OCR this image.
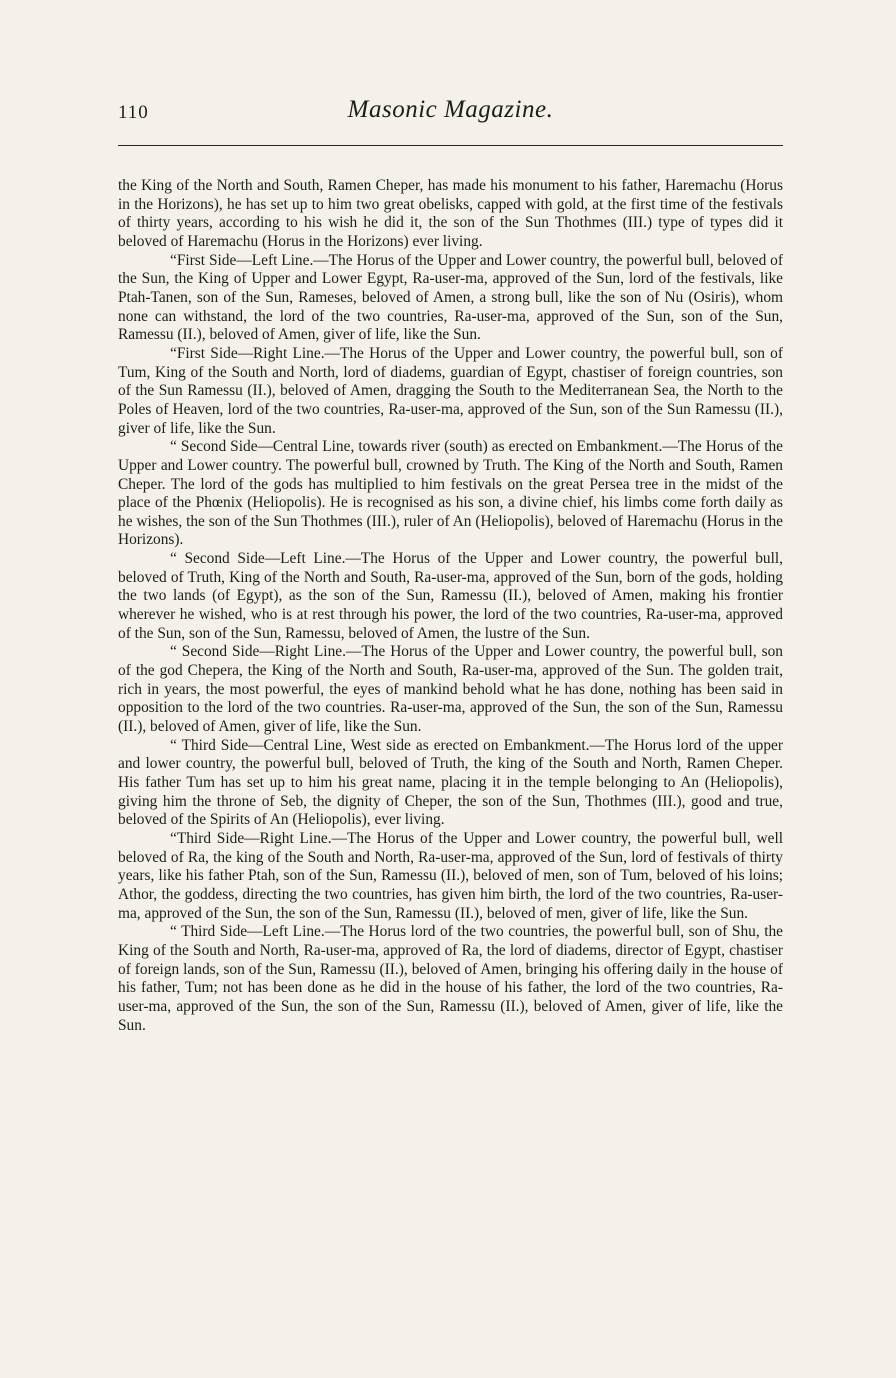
110	Masonic Magazine.

the King of the North and South, Ramen Cheper, has made his monument to his father, Haremachu (Horus in the Horizons), he has set up to him two great obelisks, capped with gold, at the first time of the festivals of thirty years, according to his wish he did it, the son of the Sun Thothmes (III.) type of types did it beloved of Haremachu (Horus in the Horizons) ever living.

“First Side—Left Line.—The Horus of the Upper and Lower country, the powerful bull, beloved of the Sun, the King of Upper and Lower Egypt, Ra-user-ma, approved of the Sun, lord of the festivals, like Ptah-Tanen, son of the Sun, Rameses, beloved of Amen, a strong bull, like the son of Nu (Osiris), whom none can withstand, the lord of the two countries, Ra-user-ma, approved of the Sun, son of the Sun, Ramessu (II.), beloved of Amen, giver of life, like the Sun.

“First Side—Right Line.—The Horus of the Upper and Lower country, the powerful bull, son of Tum, King of the South and North, lord of diadems, guardian of Egypt, chastiser of foreign countries, son of the Sun Ramessu (II.), beloved of Amen, dragging the South to the Mediterranean Sea, the North to the Poles of Heaven, lord of the two countries, Ra-user-ma, approved of the Sun, son of the Sun Ramessu (II.), giver of life, like the Sun.

“ Second Side—Central Line, towards river (south) as erected on Embankment.—The Horus of the Upper and Lower country. The powerful bull, crowned by Truth. The King of the North and South, Ramen Cheper. The lord of the gods has multiplied to him festivals on the great Persea tree in the midst of the place of the Phœnix (Heliopolis). He is recognised as his son, a divine chief, his limbs come forth daily as he wishes, the son of the Sun Thothmes (III.), ruler of An (Heliopolis), beloved of Haremachu (Horus in the Horizons).

“ Second Side—Left Line.—The Horus of the Upper and Lower country, the powerful bull, beloved of Truth, King of the North and South, Ra-user-ma, approved of the Sun, born of the gods, holding the two lands (of Egypt), as the son of the Sun, Ramessu (II.), beloved of Amen, making his frontier wherever he wished, who is at rest through his power, the lord of the two countries, Ra-user-ma, approved of the Sun, son of the Sun, Ramessu, beloved of Amen, the lustre of the Sun.

“ Second Side—Right Line.—The Horus of the Upper and Lower country, the powerful bull, son of the god Chepera, the King of the North and South, Ra-user-ma, approved of the Sun. The golden trait, rich in years, the most powerful, the eyes of mankind behold what he has done, nothing has been said in opposition to the lord of the two countries. Ra-user-ma, approved of the Sun, the son of the Sun, Ramessu (II.), beloved of Amen, giver of life, like the Sun.

“ Third Side—Central Line, West side as erected on Embankment.—The Horus lord of the upper and lower country, the powerful bull, beloved of Truth, the king of the South and North, Ramen Cheper. His father Tum has set up to him his great name, placing it in the temple belonging to An (Heliopolis), giving him the throne of Seb, the dignity of Cheper, the son of the Sun, Thothmes (III.), good and true, beloved of the Spirits of An (Heliopolis), ever living.

“Third Side—Right Line.—The Horus of the Upper and Lower country, the powerful bull, well beloved of Ra, the king of the South and North, Ra-user-ma, approved of the Sun, lord of festivals of thirty years, like his father Ptah, son of the Sun, Ramessu (II.), beloved of men, son of Tum, beloved of his loins; Athor, the goddess, directing the two countries, has given him birth, the lord of the two countries, Ra-user-ma, approved of the Sun, the son of the Sun, Ramessu (II.), beloved of men, giver of life, like the Sun.

“ Third Side—Left Line.—The Horus lord of the two countries, the powerful bull, son of Shu, the King of the South and North, Ra-user-ma, approved of Ra, the lord of diadems, director of Egypt, chastiser of foreign lands, son of the Sun, Ramessu (II.), beloved of Amen, bringing his offering daily in the house of his father, Tum; not has been done as he did in the house of his father, the lord of the two countries, Ra-user-ma, approved of the Sun, the son of the Sun, Ramessu (II.), beloved of Amen, giver of life, like the Sun.
